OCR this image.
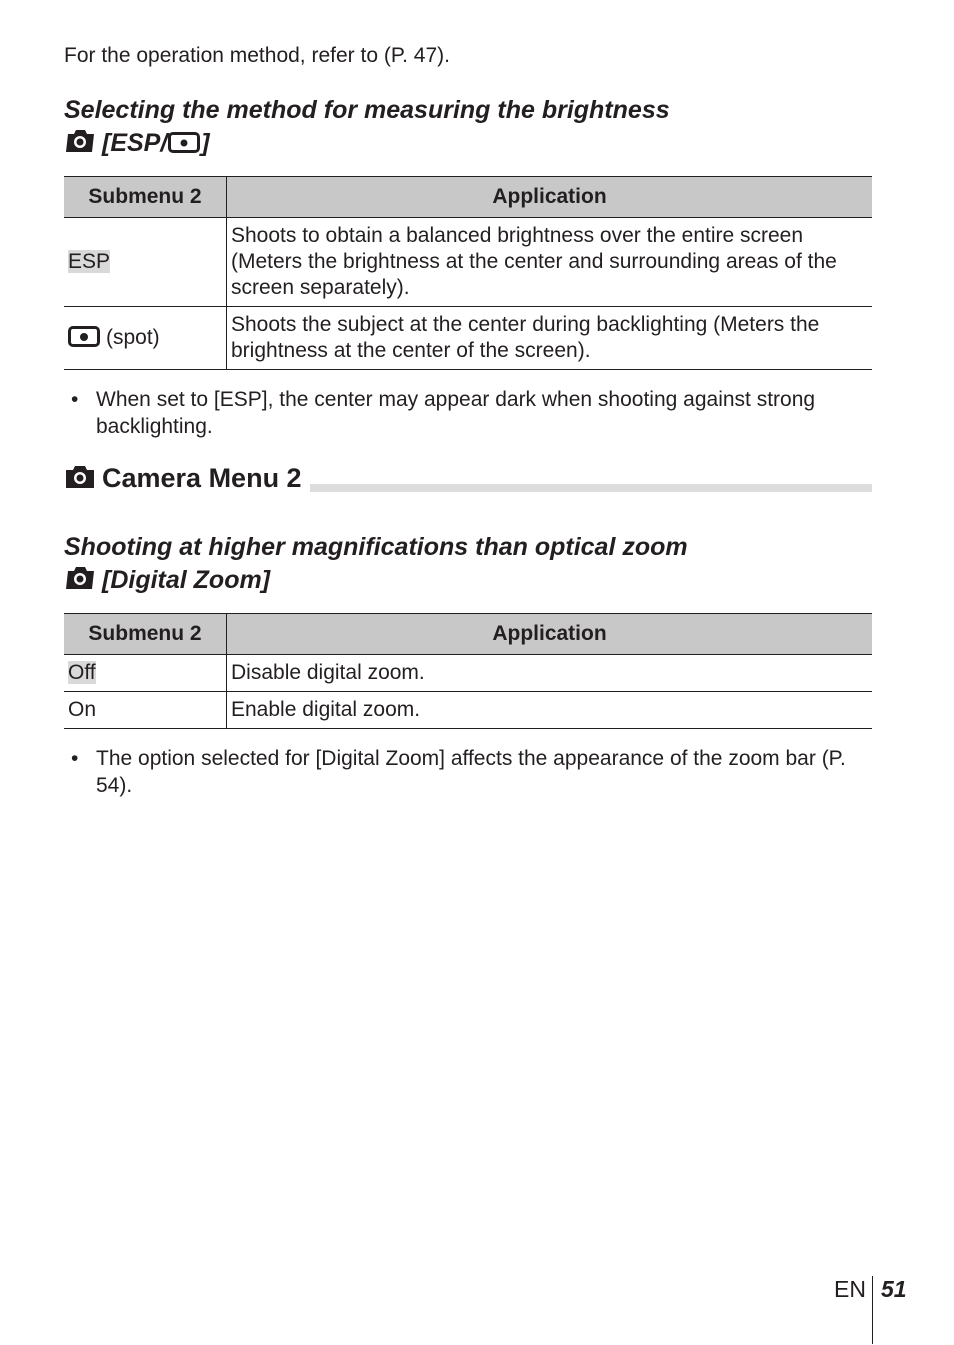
For the operation method, refer to (P. 47).
Selecting the method for measuring the brightness
[ESP/ ]
Submenu 2	Application
ESP	Shoots to obtain a balanced brightness over the entire screen (Meters the brightness at the center and surrounding areas of the screen separately).
(spot)	Shoots the subject at the center during backlighting (Meters the brightness at the center of the screen).
• When set to [ESP], the center may appear dark when shooting against strong backlighting.
Camera Menu 2
Shooting at higher magnifications than optical zoom
[Digital Zoom]
Submenu 2	Application
Off	Disable digital zoom.
On	Enable digital zoom.
• The option selected for [Digital Zoom] affects the appearance of the zoom bar (P. 54).
EN 51
